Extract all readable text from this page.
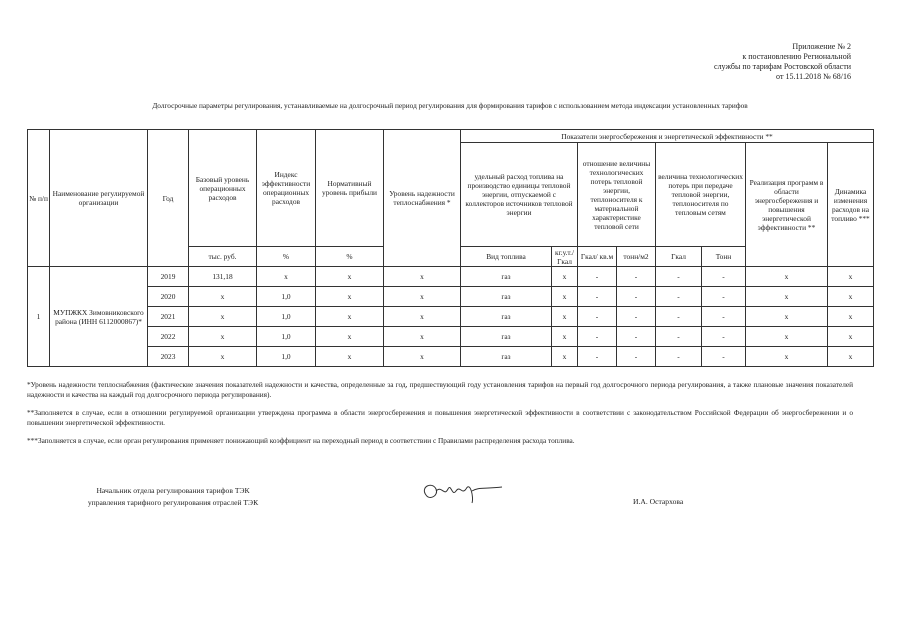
Приложение № 2
к постановлению Региональной
службы по тарифам Ростовской области
от 15.11.2018 № 68/16
Долгосрочные параметры регулирования, устанавливаемые на долгосрочный период регулирования для формирования тарифов с использованием метода индексации установленных тарифов
№ п/п	Наименование регулируемой организации	Год	Базовый уровень операционных расходов	Индекс эффективности операционных расходов	Нормативный уровень прибыли	Уровень надежности теплоснабжения *	Показатели энергосбережения и энергетической эффективности **							
							удельный расход топлива на производство единицы тепловой энергии, отпускаемой с коллекторов источников тепловой энергии		отношение величины технологических потерь тепловой энергии, теплоносителя к материальной характеристике тепловой сети		величина технологических потерь при передаче тепловой энергии, теплоносителя по тепловым сетям		Реализация программ в области энергосбережения и повышения энергетической эффективности **	Динамика изменения расходов на топливо ***
			тыс. руб.	%	%		Вид топлива	кг.у.т./Гкал	Гкал/ кв.м	тонн/м2	Гкал	Тонн		
1	МУПЖКХ Зимовниковского района (ИНН 6112000867)*	2019	131,18	х	х	х	газ	х	-	-	-	-	х	х
		2020	х	1,0	х	х	газ	х	-	-	-	-	х	х
		2021	х	1,0	х	х	газ	х	-	-	-	-	х	х
		2022	х	1,0	х	х	газ	х	-	-	-	-	х	х
		2023	х	1,0	х	х	газ	х	-	-	-	-	х	х

*Уровень надежности теплоснабжения (фактические значения показателей надежности и качества, определенные за год, предшествующий году установления тарифов на первый год долгосрочного периода регулирования, а также плановые значения показателей надежности и качества на каждый год долгосрочного периода регулирования).

**Заполняется в случае, если в отношении регулируемой организации утверждена программа в области энергосбережения и повышения энергетической эффективности в соответствии с законодательством Российской Федерации об энергосбережении и о повышении энергетической эффективности.

***Заполняется в случае, если орган регулирования применяет понижающий коэффициент на переходный период в соответствии с Правилами распределения расхода топлива.

Начальник отдела регулирования тарифов ТЭК
управления тарифного регулирования отраслей ТЭК	И.А. Остархова
